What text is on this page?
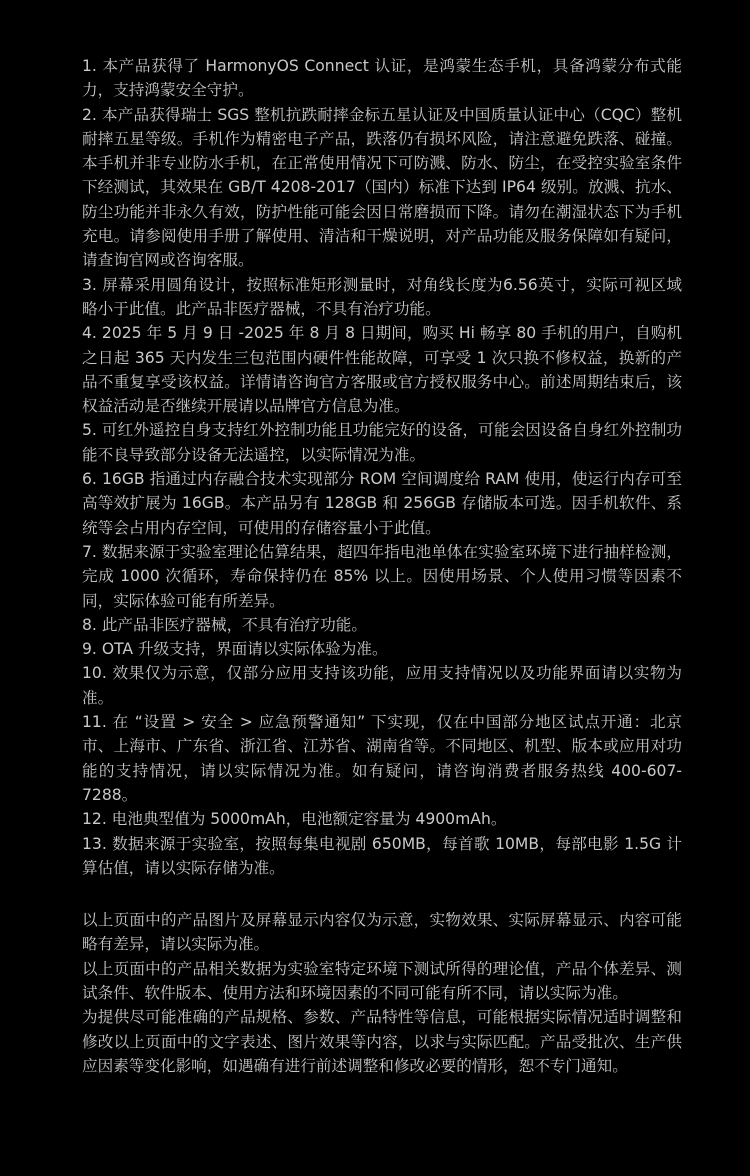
1. 本产品获得了 HarmonyOS Connect 认证，是鸿蒙生态手机，具备鸿蒙分布式能力，支持鸿蒙安全守护。

2. 本产品获得瑞士 SGS 整机抗跌耐摔金标五星认证及中国质量认证中心（CQC）整机耐摔五星等级。手机作为精密电子产品，跌落仍有损坏风险，请注意避免跌落、碰撞。本手机并非专业防水手机，在正常使用情况下可防溅、防水、防尘，在受控实验室条件下经测试，其效果在 GB/T 4208-2017（国内）标准下达到 IP64 级别。放溅、抗水、防尘功能并非永久有效，防护性能可能会因日常磨损而下降。请勿在潮湿状态下为手机充电。请参阅使用手册了解使用、清洁和干燥说明，对产品功能及服务保障如有疑问，请查询官网或咨询客服。

3. 屏幕采用圆角设计，按照标准矩形测量时，对角线长度为6.56英寸，实际可视区域略小于此值。此产品非医疗器械，不具有治疗功能。

4. 2025 年 5 月 9 日 -2025 年 8 月 8 日期间，购买 Hi 畅享 80 手机的用户，自购机之日起 365 天内发生三包范围内硬件性能故障，可享受 1 次只换不修权益，换新的产品不重复享受该权益。详情请咨询官方客服或官方授权服务中心。前述周期结束后，该权益活动是否继续开展请以品牌官方信息为准。

5. 可红外遥控自身支持红外控制功能且功能完好的设备，可能会因设备自身红外控制功能不良导致部分设备无法遥控，以实际情况为准。

6. 16GB 指通过内存融合技术实现部分 ROM 空间调度给 RAM 使用，使运行内存可至高等效扩展为 16GB。本产品另有 128GB 和 256GB 存储版本可选。因手机软件、系统等会占用内存空间，可使用的存储容量小于此值。

7. 数据来源于实验室理论估算结果，超四年指电池单体在实验室环境下进行抽样检测，完成 1000 次循环，寿命保持仍在 85% 以上。因使用场景、个人使用习惯等因素不同，实际体验可能有所差异。

8. 此产品非医疗器械，不具有治疗功能。

9. OTA 升级支持，界面请以实际体验为准。

10. 效果仅为示意，仅部分应用支持该功能，应用支持情况以及功能界面请以实物为准。

11. 在 “设置 > 安全 > 应急预警通知” 下实现，仅在中国部分地区试点开通：北京市、上海市、广东省、浙江省、江苏省、湖南省等。不同地区、机型、版本或应用对功能的支持情况，请以实际情况为准。如有疑问，请咨询消费者服务热线 400-607-7288。

12. 电池典型值为 5000mAh，电池额定容量为 4900mAh。

13. 数据来源于实验室，按照每集电视剧 650MB，每首歌 10MB，每部电影 1.5G 计算估值，请以实际存储为准。

以上页面中的产品图片及屏幕显示内容仅为示意，实物效果、实际屏幕显示、内容可能略有差异，请以实际为准。

以上页面中的产品相关数据为实验室特定环境下测试所得的理论值，产品个体差异、测试条件、软件版本、使用方法和环境因素的不同可能有所不同，请以实际为准。

为提供尽可能准确的产品规格、参数、产品特性等信息，可能根据实际情况适时调整和修改以上页面中的文字表述、图片效果等内容，以求与实际匹配。产品受批次、生产供应因素等变化影响，如遇确有进行前述调整和修改必要的情形，恕不专门通知。
